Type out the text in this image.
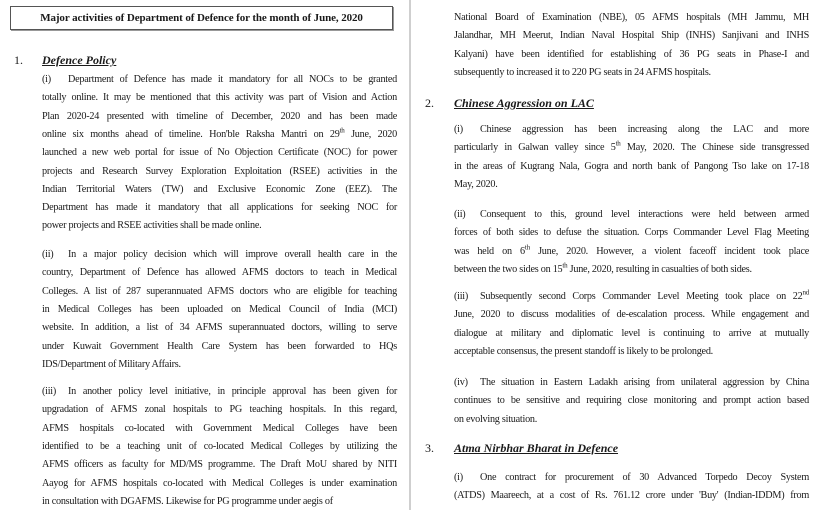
Major activities of Department of Defence for the month of June, 2020
1. Defence Policy
(i) Department of Defence has made it mandatory for all NOCs to be granted
totally online. It may be mentioned that this activity was part of Vision and Action
Plan 2020-24 presented with timeline of December, 2020 and has been made
online six months ahead of timeline. Hon'ble Raksha Mantri on 29th June, 2020
launched a new web portal for issue of No Objection Certificate (NOC) for power
projects and Research Survey Exploration Exploitation (RSEE) activities in the
Indian Territorial Waters (TW) and Exclusive Economic Zone (EEZ). The
Department has made it mandatory that all applications for seeking NOC for
power projects and RSEE activities shall be made online.
(ii) In a major policy decision which will improve overall health care in the
country, Department of Defence has allowed AFMS doctors to teach in Medical
Colleges. A list of 287 superannuated AFMS doctors who are eligible for teaching
in Medical Colleges has been uploaded on Medical Council of India (MCI)
website. In addition, a list of 34 AFMS superannuated doctors, willing to serve
under Kuwait Government Health Care System has been forwarded to HQs
IDS/Department of Military Affairs.
(iii) In another policy level initiative, in principle approval has been given for
upgradation of AFMS zonal hospitals to PG teaching hospitals. In this regard,
AFMS hospitals co-located with Government Medical Colleges have been
identified to be a teaching unit of co-located Medical Colleges by utilizing the
AFMS officers as faculty for MD/MS programme. The Draft MoU shared by NITI
Aayog for AFMS hospitals co-located with Medical Colleges is under examination
in consultation with DGAFMS. Likewise for PG programme under aegis of
2. Chinese Aggression on LAC
3. Atma Nirbhar Bharat in Defence
National Board of Examination (NBE), 05 AFMS hospitals (MH Jammu, MH
Jalandhar, MH Meerut, Indian Naval Hospital Ship (INHS) Sanjivani and INHS
Kalyani) have been identified for establishing of 36 PG seats in Phase-I and
subsequently to increased it to 220 PG seats in 24 AFMS hospitals.
(i) Chinese aggression has been increasing along the LAC and more
particularly in Galwan valley since 5th May, 2020. The Chinese side transgressed
in the areas of Kugrang Nala, Gogra and north bank of Pangong Tso lake on 17-18
May, 2020.
(ii) Consequent to this, ground level interactions were held between armed
forces of both sides to defuse the situation. Corps Commander Level Flag Meeting
was held on 6th June, 2020. However, a violent faceoff incident took place
between the two sides on 15th June, 2020, resulting in casualties of both sides.
(iii) Subsequently second Corps Commander Level Meeting took place on 22nd
June, 2020 to discuss modalities of de-escalation process. While engagement and
dialogue at military and diplomatic level is continuing to arrive at mutually
acceptable consensus, the present standoff is likely to be prolonged.
(iv) The situation in Eastern Ladakh arising from unilateral aggression by China
continues to be sensitive and requiring close monitoring and prompt action based
on evolving situation.
(i) One contract for procurement of 30 Advanced Torpedo Decoy System
(ATDS) Maareech, at a cost of Rs. 761.12 crore under 'Buy' (Indian-IDDM) from
